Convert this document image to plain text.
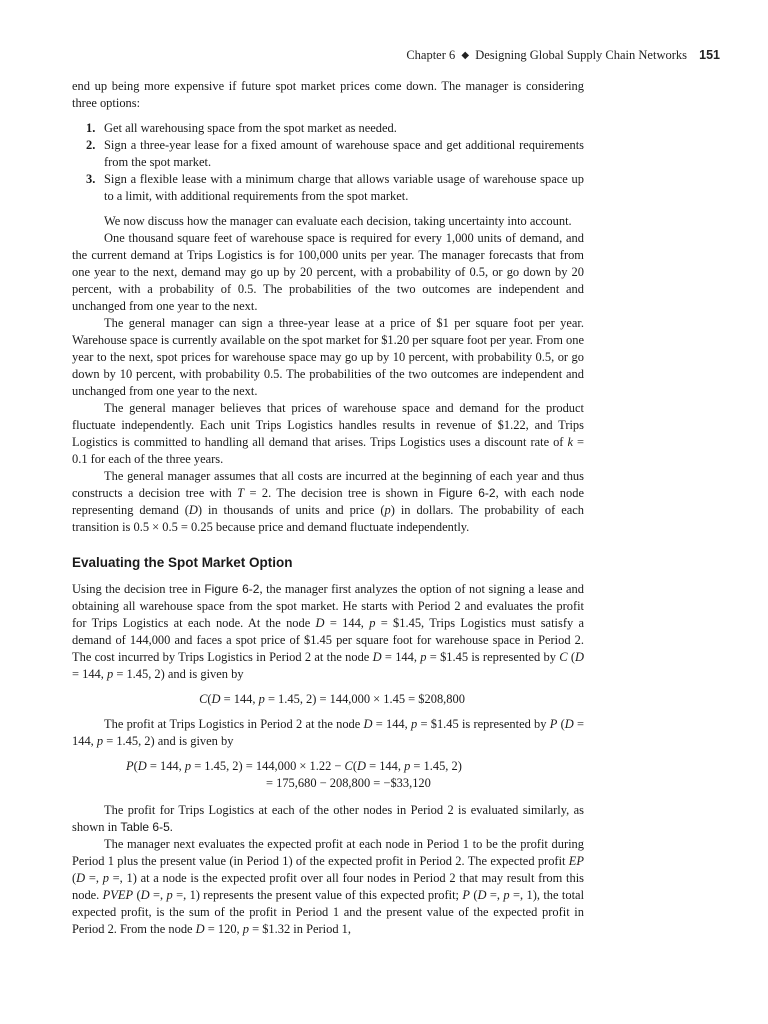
Chapter 6 ◆ Designing Global Supply Chain Networks 151

end up being more expensive if future spot market prices come down. The manager is considering three options:

1. Get all warehousing space from the spot market as needed.
2. Sign a three-year lease for a fixed amount of warehouse space and get additional requirements from the spot market.
3. Sign a flexible lease with a minimum charge that allows variable usage of warehouse space up to a limit, with additional requirements from the spot market.

We now discuss how the manager can evaluate each decision, taking uncertainty into account.

One thousand square feet of warehouse space is required for every 1,000 units of demand, and the current demand at Trips Logistics is for 100,000 units per year. The manager forecasts that from one year to the next, demand may go up by 20 percent, with a probability of 0.5, or go down by 20 percent, with a probability of 0.5. The probabilities of the two outcomes are independent and unchanged from one year to the next.

The general manager can sign a three-year lease at a price of $1 per square foot per year. Warehouse space is currently available on the spot market for $1.20 per square foot per year. From one year to the next, spot prices for warehouse space may go up by 10 percent, with probability 0.5, or go down by 10 percent, with probability 0.5. The probabilities of the two outcomes are independent and unchanged from one year to the next.

The general manager believes that prices of warehouse space and demand for the product fluctuate independently. Each unit Trips Logistics handles results in revenue of $1.22, and Trips Logistics is committed to handling all demand that arises. Trips Logistics uses a discount rate of k = 0.1 for each of the three years.

The general manager assumes that all costs are incurred at the beginning of each year and thus constructs a decision tree with T = 2. The decision tree is shown in Figure 6-2, with each node representing demand (D) in thousands of units and price (p) in dollars. The probability of each transition is 0.5 × 0.5 = 0.25 because price and demand fluctuate independently.

Evaluating the Spot Market Option

Using the decision tree in Figure 6-2, the manager first analyzes the option of not signing a lease and obtaining all warehouse space from the spot market. He starts with Period 2 and evaluates the profit for Trips Logistics at each node. At the node D = 144, p = $1.45, Trips Logistics must satisfy a demand of 144,000 and faces a spot price of $1.45 per square foot for warehouse space in Period 2. The cost incurred by Trips Logistics in Period 2 at the node D = 144, p = $1.45 is represented by C (D = 144, p = 1.45, 2) and is given by

C(D = 144, p = 1.45, 2) = 144,000 × 1.45 = $208,800

The profit at Trips Logistics in Period 2 at the node D = 144, p = $1.45 is represented by P (D = 144, p = 1.45, 2) and is given by

P(D = 144, p = 1.45, 2) = 144,000 × 1.22 − C(D = 144, p = 1.45, 2)
= 175,680 − 208,800 = −$33,120

The profit for Trips Logistics at each of the other nodes in Period 2 is evaluated similarly, as shown in Table 6-5.

The manager next evaluates the expected profit at each node in Period 1 to be the profit during Period 1 plus the present value (in Period 1) of the expected profit in Period 2. The expected profit EP (D =, p =, 1) at a node is the expected profit over all four nodes in Period 2 that may result from this node. PVEP (D =, p =, 1) represents the present value of this expected profit; P (D =, p =, 1), the total expected profit, is the sum of the profit in Period 1 and the present value of the expected profit in Period 2. From the node D = 120, p = $1.32 in Period 1,
